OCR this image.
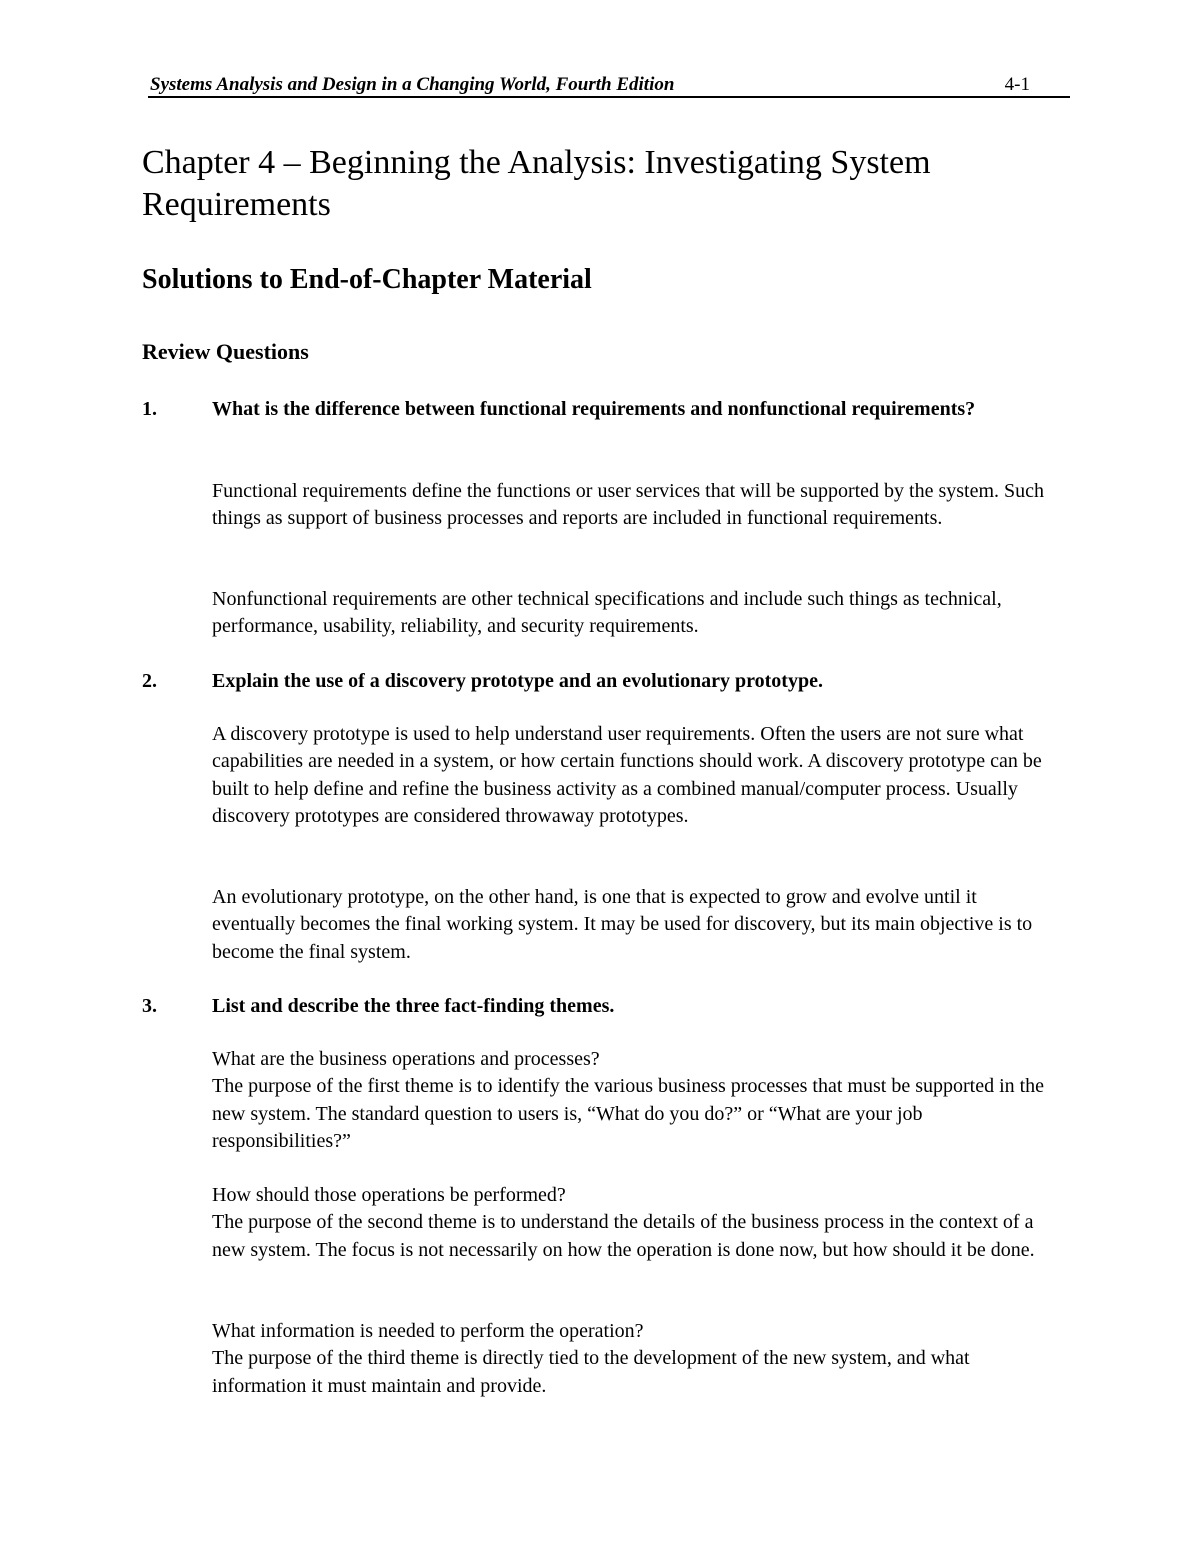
Systems Analysis and Design in a Changing World, Fourth Edition	4-1
Chapter 4 – Beginning the Analysis: Investigating System Requirements
Solutions to End-of-Chapter Material
Review Questions
1.	What is the difference between functional requirements and nonfunctional requirements?

Functional requirements define the functions or user services that will be supported by the system. Such things as support of business processes and reports are included in functional requirements.

Nonfunctional requirements are other technical specifications and include such things as technical, performance, usability, reliability, and security requirements.

2.	Explain the use of a discovery prototype and an evolutionary prototype.

A discovery prototype is used to help understand user requirements. Often the users are not sure what capabilities are needed in a system, or how certain functions should work. A discovery prototype can be built to help define and refine the business activity as a combined manual/computer process. Usually discovery prototypes are considered throwaway prototypes.

An evolutionary prototype, on the other hand, is one that is expected to grow and evolve until it eventually becomes the final working system. It may be used for discovery, but its main objective is to become the final system.

3.	List and describe the three fact-finding themes.

What are the business operations and processes?
The purpose of the first theme is to identify the various business processes that must be supported in the new system. The standard question to users is, “What do you do?” or “What are your job responsibilities?”

How should those operations be performed?
The purpose of the second theme is to understand the details of the business process in the context of a new system. The focus is not necessarily on how the operation is done now, but how should it be done.

What information is needed to perform the operation?
The purpose of the third theme is directly tied to the development of the new system, and what information it must maintain and provide.
